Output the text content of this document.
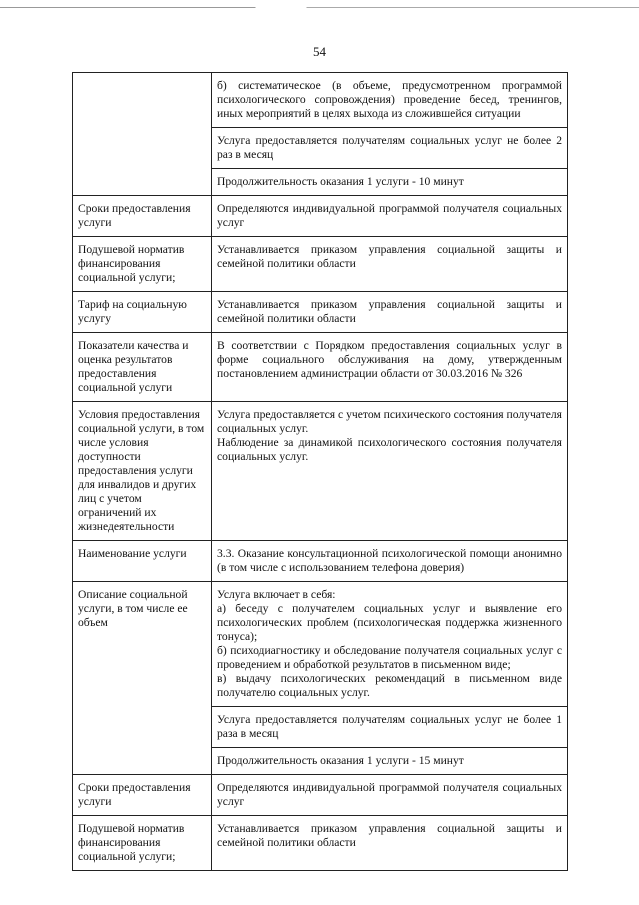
54
	б) систематическое (в объеме, предусмотренном программой психологического сопровождения) проведение бесед, тренингов, иных мероприятий в целях выхода из сложившейся ситуации
	Услуга предоставляется получателям социальных услуг не более 2 раз в месяц
	Продолжительность оказания 1 услуги - 10 минут
Сроки предоставления услуги	Определяются индивидуальной программой получателя социальных услуг
Подушевой норматив финансирования социальной услуги;	Устанавливается приказом управления социальной защиты и семейной политики области
Тариф на социальную услугу	Устанавливается приказом управления социальной защиты и семейной политики области
Показатели качества и оценка результатов предоставления социальной услуги	В соответствии с Порядком предоставления социальных услуг в форме социального обслуживания на дому, утвержденным постановлением администрации области от 30.03.2016 № 326
Условия предоставления социальной услуги, в том числе условия доступности предоставления услуги для инвалидов и других лиц с учетом ограничений их жизнедеятельности	Услуга предоставляется с учетом психического состояния получателя социальных услуг.
Наблюдение за динамикой психологического состояния получателя социальных услуг.

Наименование услуги	3.3. Оказание консультационной психологической помощи анонимно (в том числе с использованием телефона доверия)
Описание социальной услуги, в том числе ее объем	Услуга включает в себя:
а) беседу с получателем социальных услуг и выявление его психологических проблем (психологическая поддержка жизненного тонуса);
б) психодиагностику и обследование получателя социальных услуг с проведением и обработкой результатов в письменном виде;
в) выдачу психологических рекомендаций в письменном виде получателю социальных услуг.

	Услуга предоставляется получателям социальных услуг не более 1 раза в месяц
	Продолжительность оказания 1 услуги - 15 минут
Сроки предоставления услуги	Определяются индивидуальной программой получателя социальных услуг
Подушевой норматив финансирования социальной услуги;	Устанавливается приказом управления социальной защиты и семейной политики области
